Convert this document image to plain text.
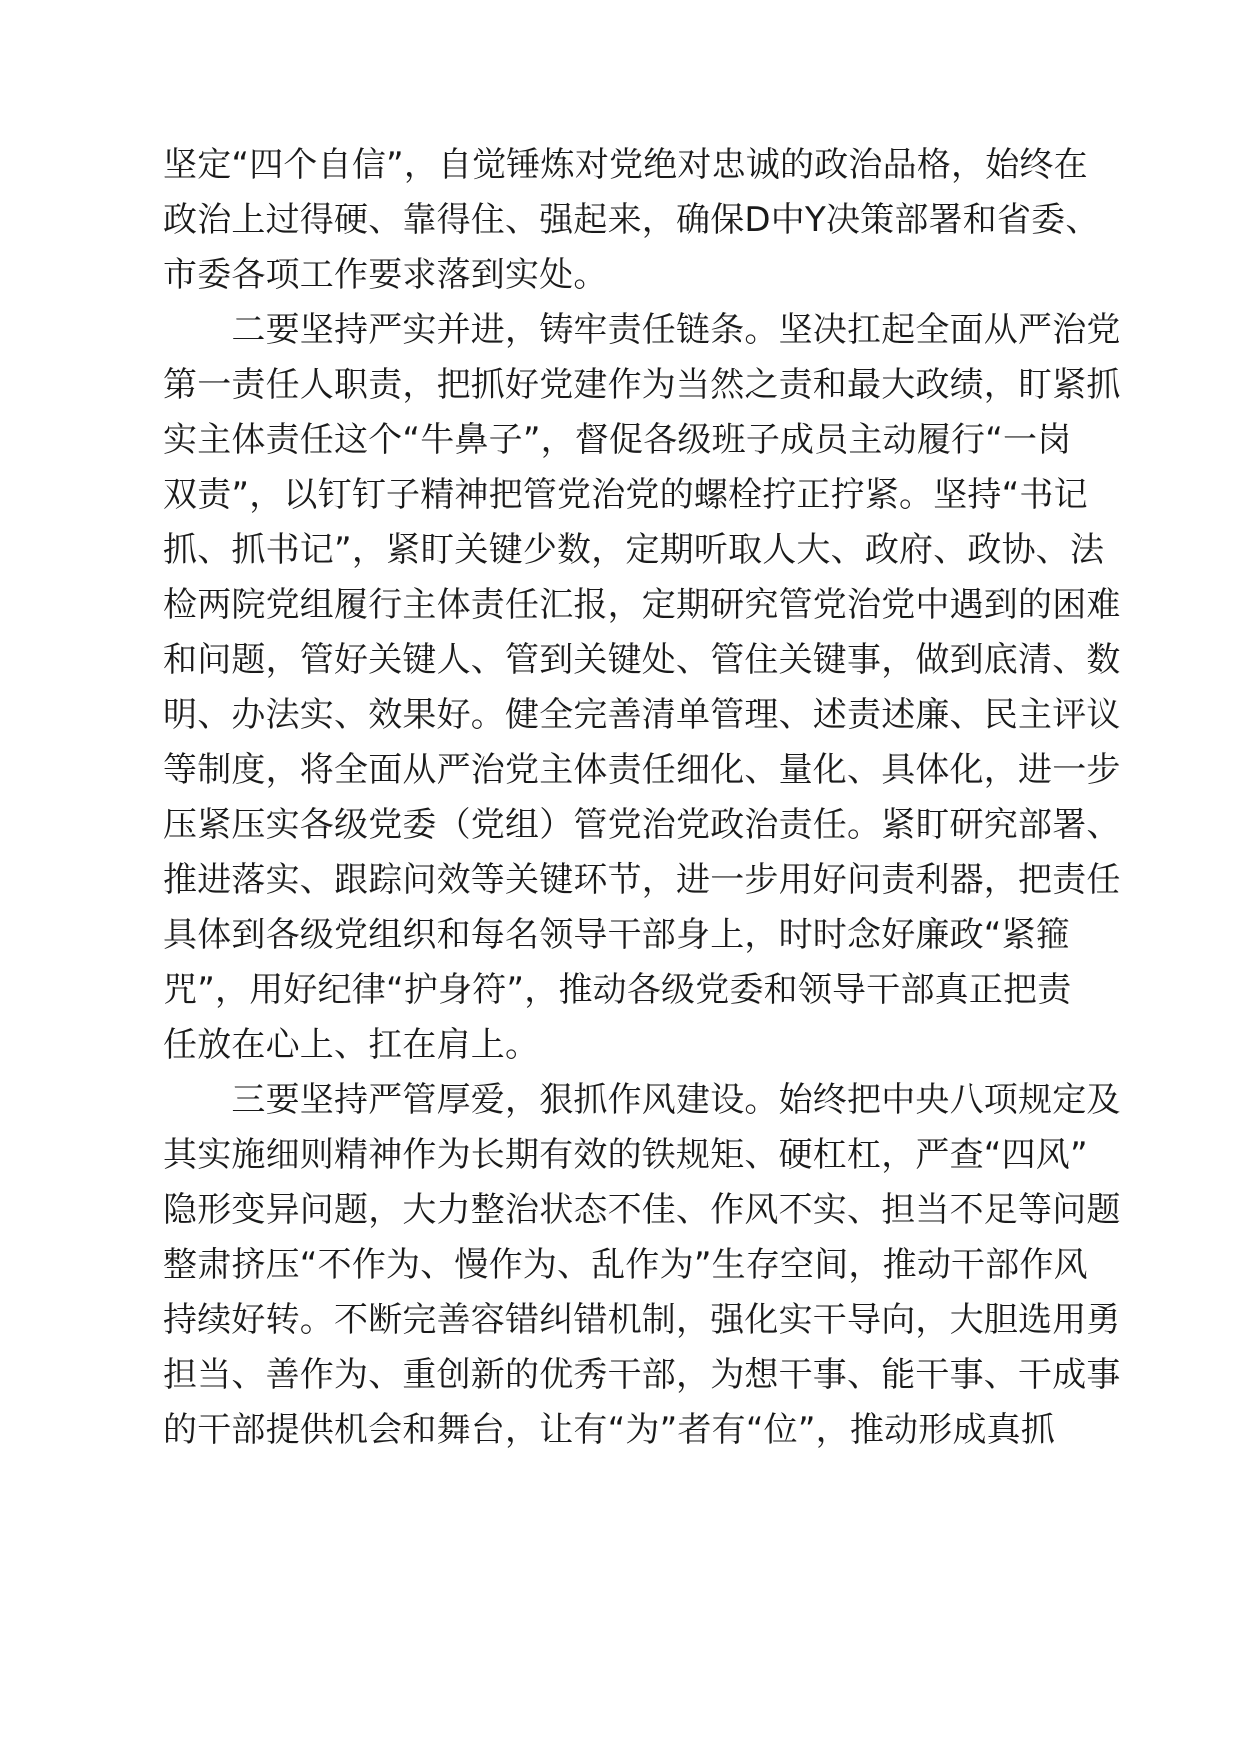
坚定“四个自信”，自觉锤炼对党绝对忠诚的政治品格，始终在
政治上过得硬、靠得住、强起来，确保D中Y决策部署和省委、
市委各项工作要求落到实处。
　　二要坚持严实并进，铸牢责任链条。坚决扛起全面从严治党
第一责任人职责，把抓好党建作为当然之责和最大政绩，盯紧抓
实主体责任这个“牛鼻子”，督促各级班子成员主动履行“一岗
双责”，以钉钉子精神把管党治党的螺栓拧正拧紧。坚持“书记
抓、抓书记”，紧盯关键少数，定期听取人大、政府、政协、法
检两院党组履行主体责任汇报，定期研究管党治党中遇到的困难
和问题，管好关键人、管到关键处、管住关键事，做到底清、数
明、办法实、效果好。健全完善清单管理、述责述廉、民主评议
等制度，将全面从严治党主体责任细化、量化、具体化，进一步
压紧压实各级党委（党组）管党治党政治责任。紧盯研究部署、
推进落实、跟踪问效等关键环节，进一步用好问责利器，把责任
具体到各级党组织和每名领导干部身上，时时念好廉政“紧箍
咒”，用好纪律“护身符”，推动各级党委和领导干部真正把责
任放在心上、扛在肩上。
　　三要坚持严管厚爱，狠抓作风建设。始终把中央八项规定及
其实施细则精神作为长期有效的铁规矩、硬杠杠，严查“四风”
隐形变异问题，大力整治状态不佳、作风不实、担当不足等问题
整肃挤压“不作为、慢作为、乱作为”生存空间，推动干部作风
持续好转。不断完善容错纠错机制，强化实干导向，大胆选用勇
担当、善作为、重创新的优秀干部，为想干事、能干事、干成事
的干部提供机会和舞台，让有“为”者有“位”，推动形成真抓
